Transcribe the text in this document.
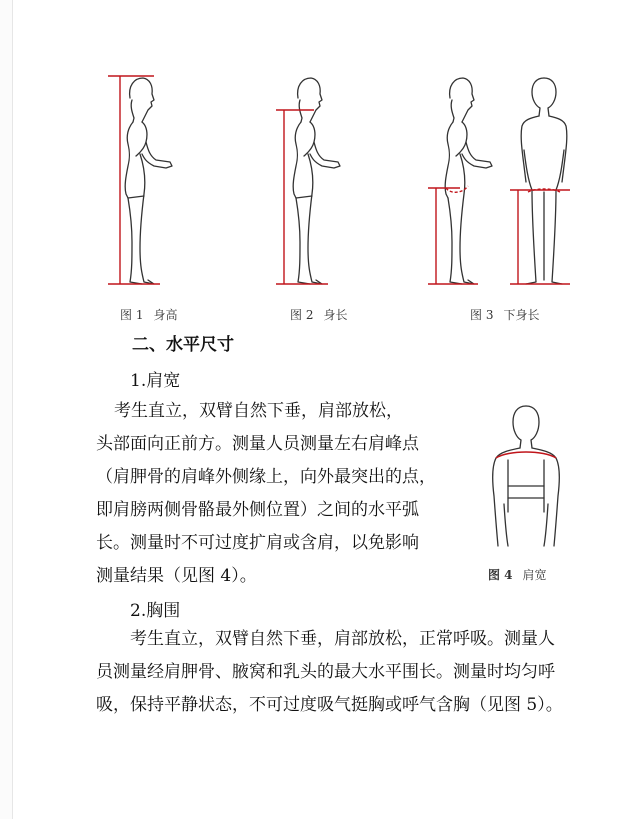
图 1 身高	图 2 身长	图 3 下身长
二、水平尺寸
1.肩宽
考生直立，双臂自然下垂，肩部放松，
头部面向正前方。测量人员测量左右肩峰点
（肩胛骨的肩峰外侧缘上，向外最突出的点，
即肩膀两侧骨骼最外侧位置）之间的水平弧
长。测量时不可过度扩肩或含肩，以免影响
测量结果（见图 4）。	图 4 肩宽
2.胸围
考生直立，双臂自然下垂，肩部放松，正常呼吸。测量人
员测量经肩胛骨、腋窝和乳头的最大水平围长。测量时均匀呼
吸，保持平静状态，不可过度吸气挺胸或呼气含胸（见图 5）。
